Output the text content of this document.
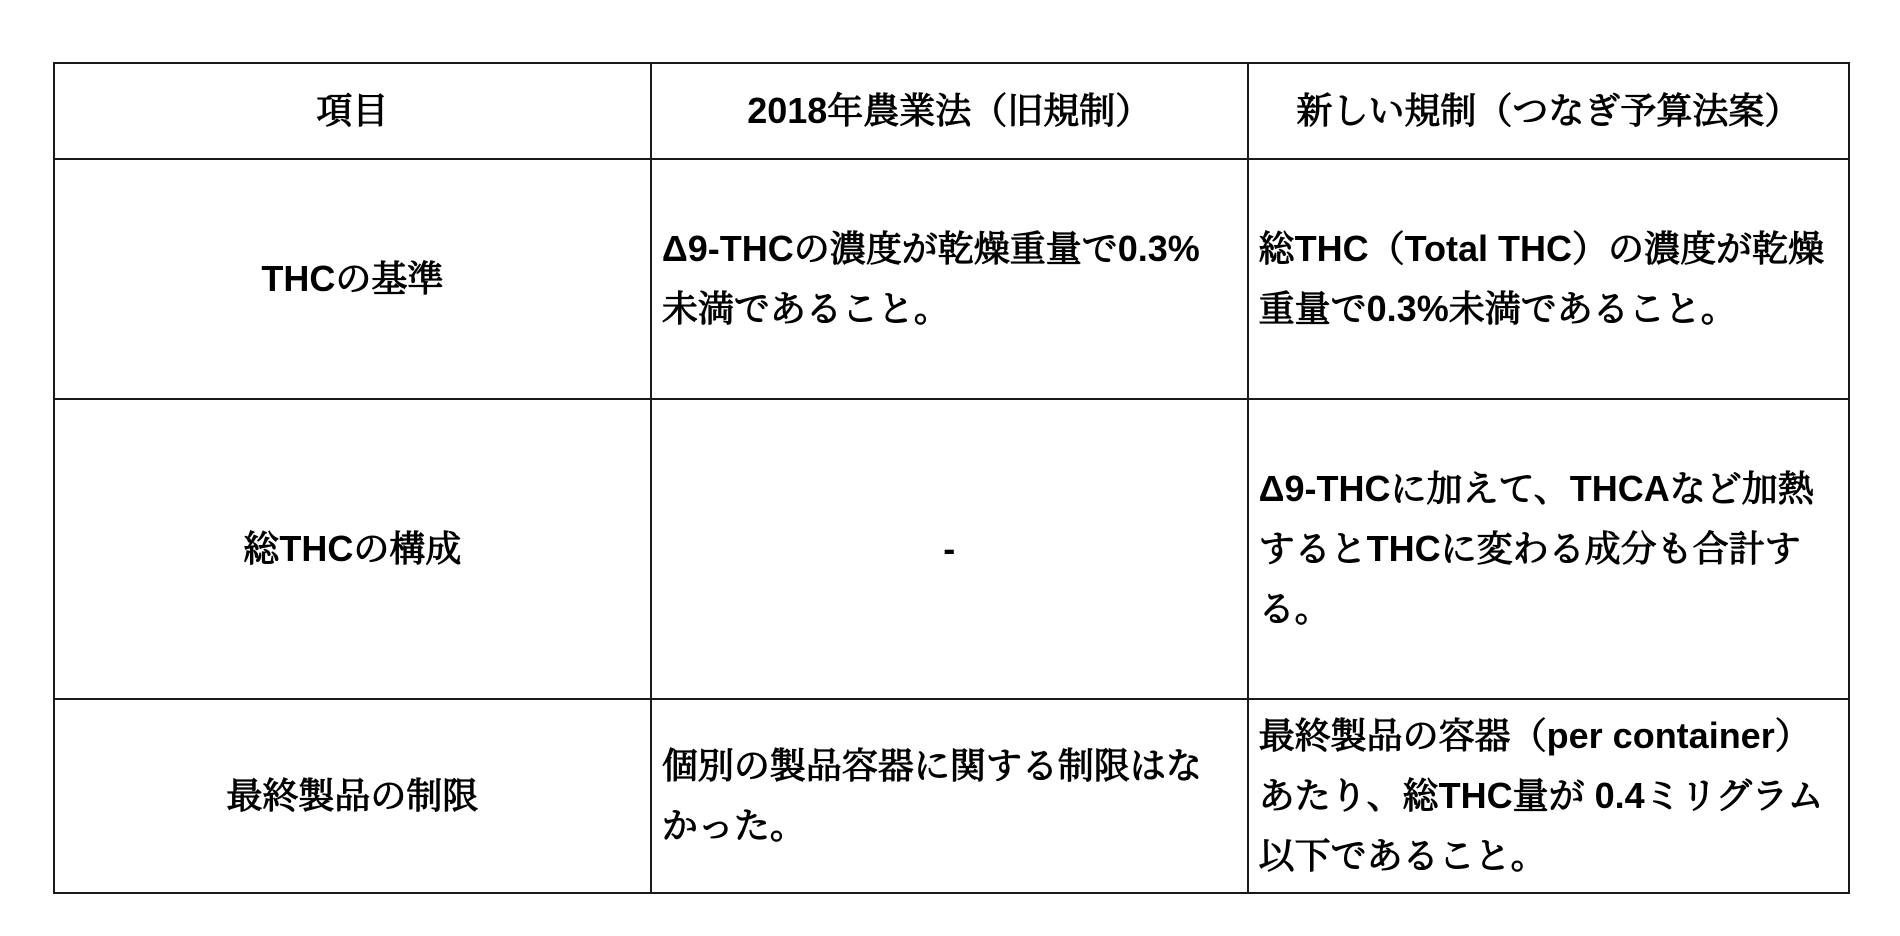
項目	2018年農業法（旧規制）	新しい規制（つなぎ予算法案）
THCの基準	Δ9-THCの濃度が乾燥重量で0.3% 未満であること。	総THC（Total THC）の濃度が乾燥重量で0.3%未満であること。
総THCの構成	-	Δ9-THCに加えて、THCAなど加熱するとTHCに変わる成分も合計する。
最終製品の制限	個別の製品容器に関する制限はなかった。	最終製品の容器（per container）あたり、総THC量が 0.4ミリグラム以下であること。
